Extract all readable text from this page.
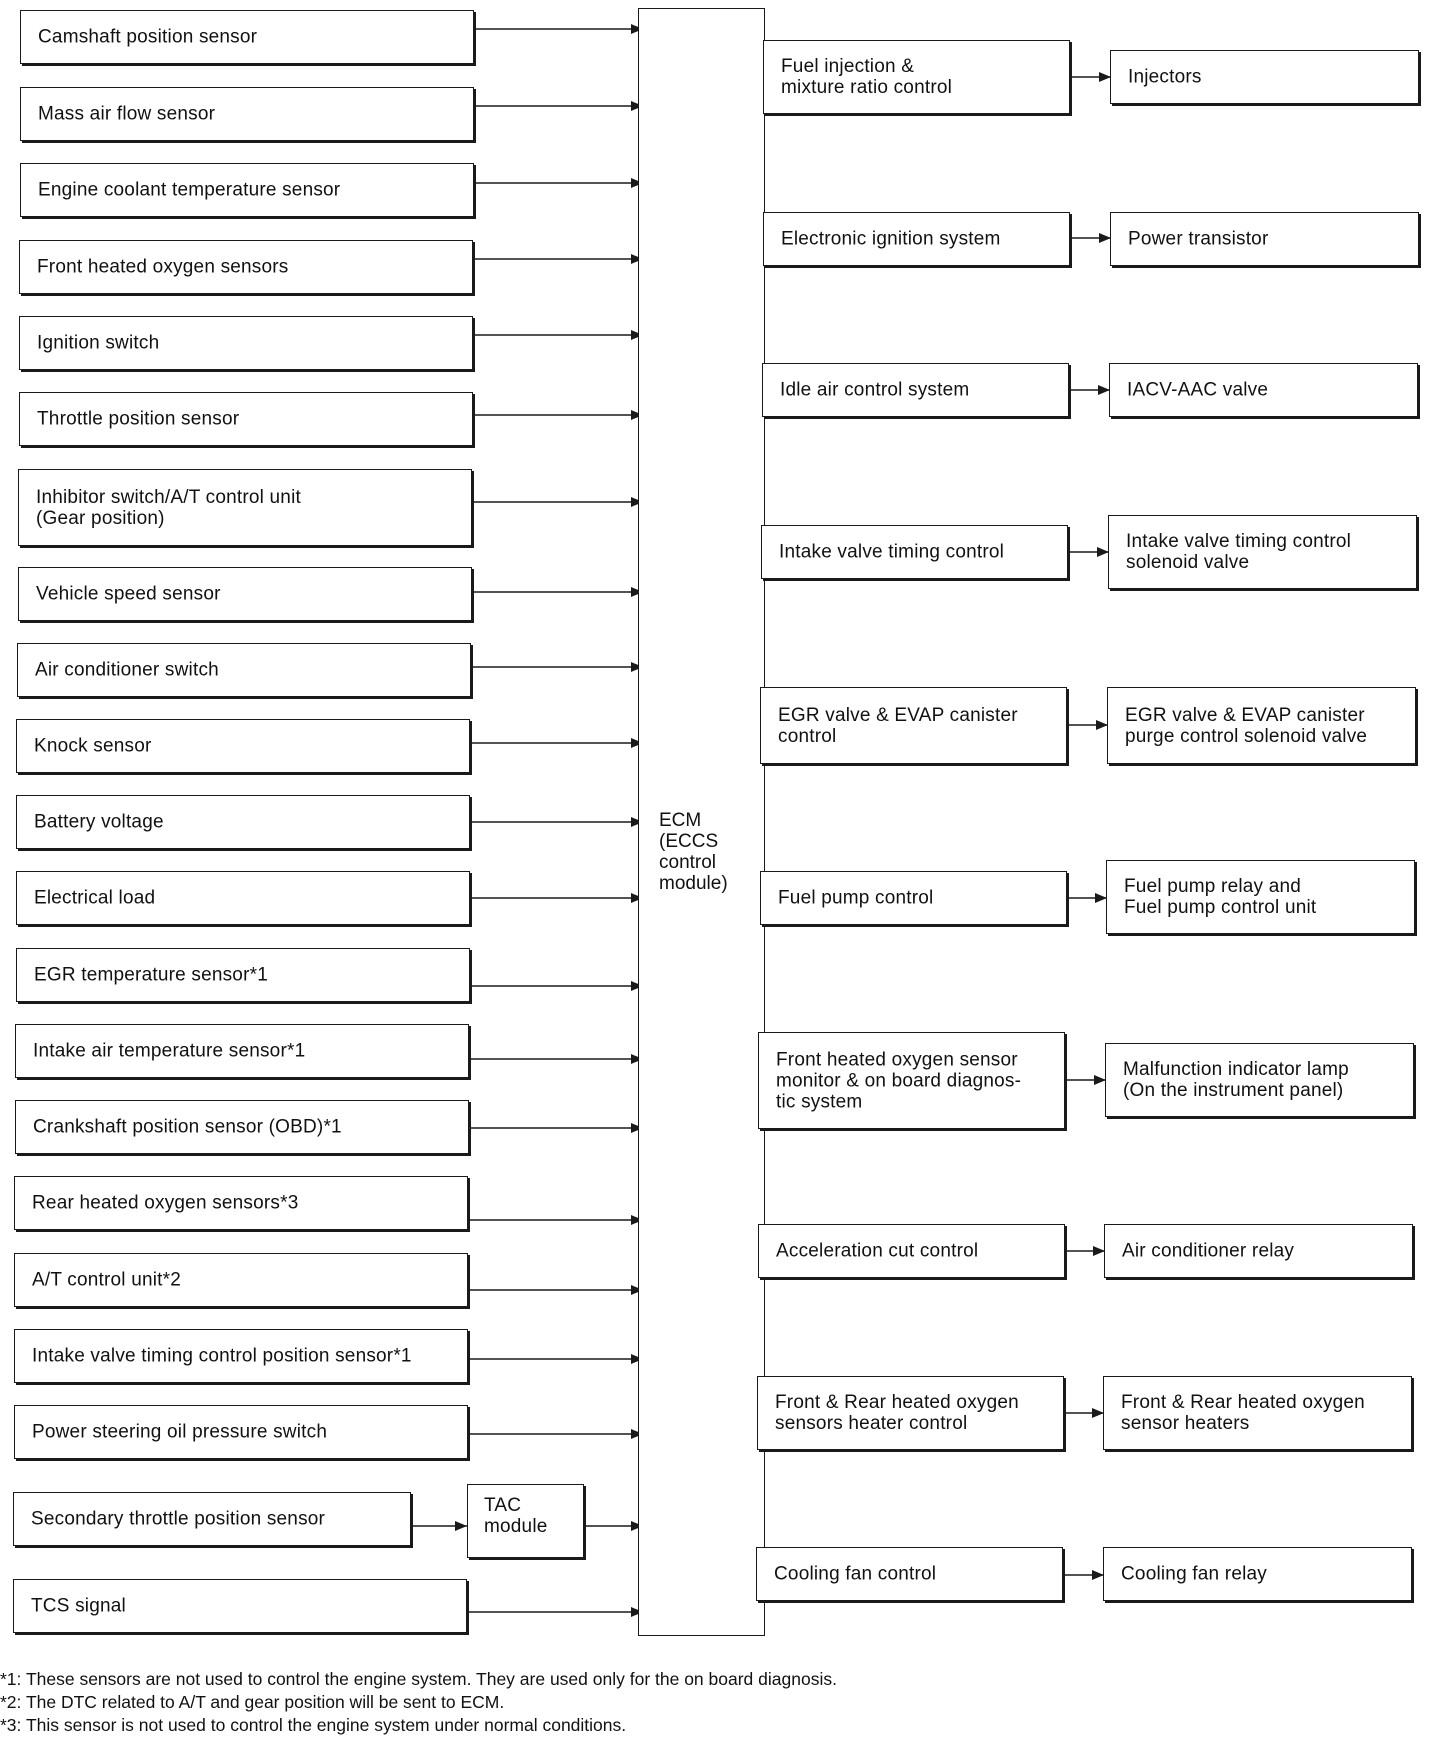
Camshaft position sensor
Mass air flow sensor
Engine coolant temperature sensor
Front heated oxygen sensors
Ignition switch
Throttle position sensor
Inhibitor switch/A/T control unit
(Gear position)
Vehicle speed sensor
Air conditioner switch
Knock sensor
Battery voltage
Electrical load
EGR temperature sensor*1
Intake air temperature sensor*1
Crankshaft position sensor (OBD)*1
Rear heated oxygen sensors*3
A/T control unit*2
Intake valve timing control position sensor*1
Power steering oil pressure switch
Secondary throttle position sensor
TCS signal
TAC
module
ECM
(ECCS
control
module)
Fuel injection &
mixture ratio control
Electronic ignition system
Idle air control system
Intake valve timing control
EGR valve & EVAP canister
control
Fuel pump control
Front heated oxygen sensor
monitor & on board diagnos-
tic system
Acceleration cut control
Front & Rear heated oxygen
sensors heater control
Cooling fan control
Injectors
Power transistor
IACV-AAC valve
Intake valve timing control
solenoid valve
EGR valve & EVAP canister
purge control solenoid valve
Fuel pump relay and
Fuel pump control unit
Malfunction indicator lamp
(On the instrument panel)
Air conditioner relay
Front & Rear heated oxygen
sensor heaters
Cooling fan relay
*1: These sensors are not used to control the engine system. They are used only for the on board diagnosis.
*2: The DTC related to A/T and gear position will be sent to ECM.
*3: This sensor is not used to control the engine system under normal conditions.
